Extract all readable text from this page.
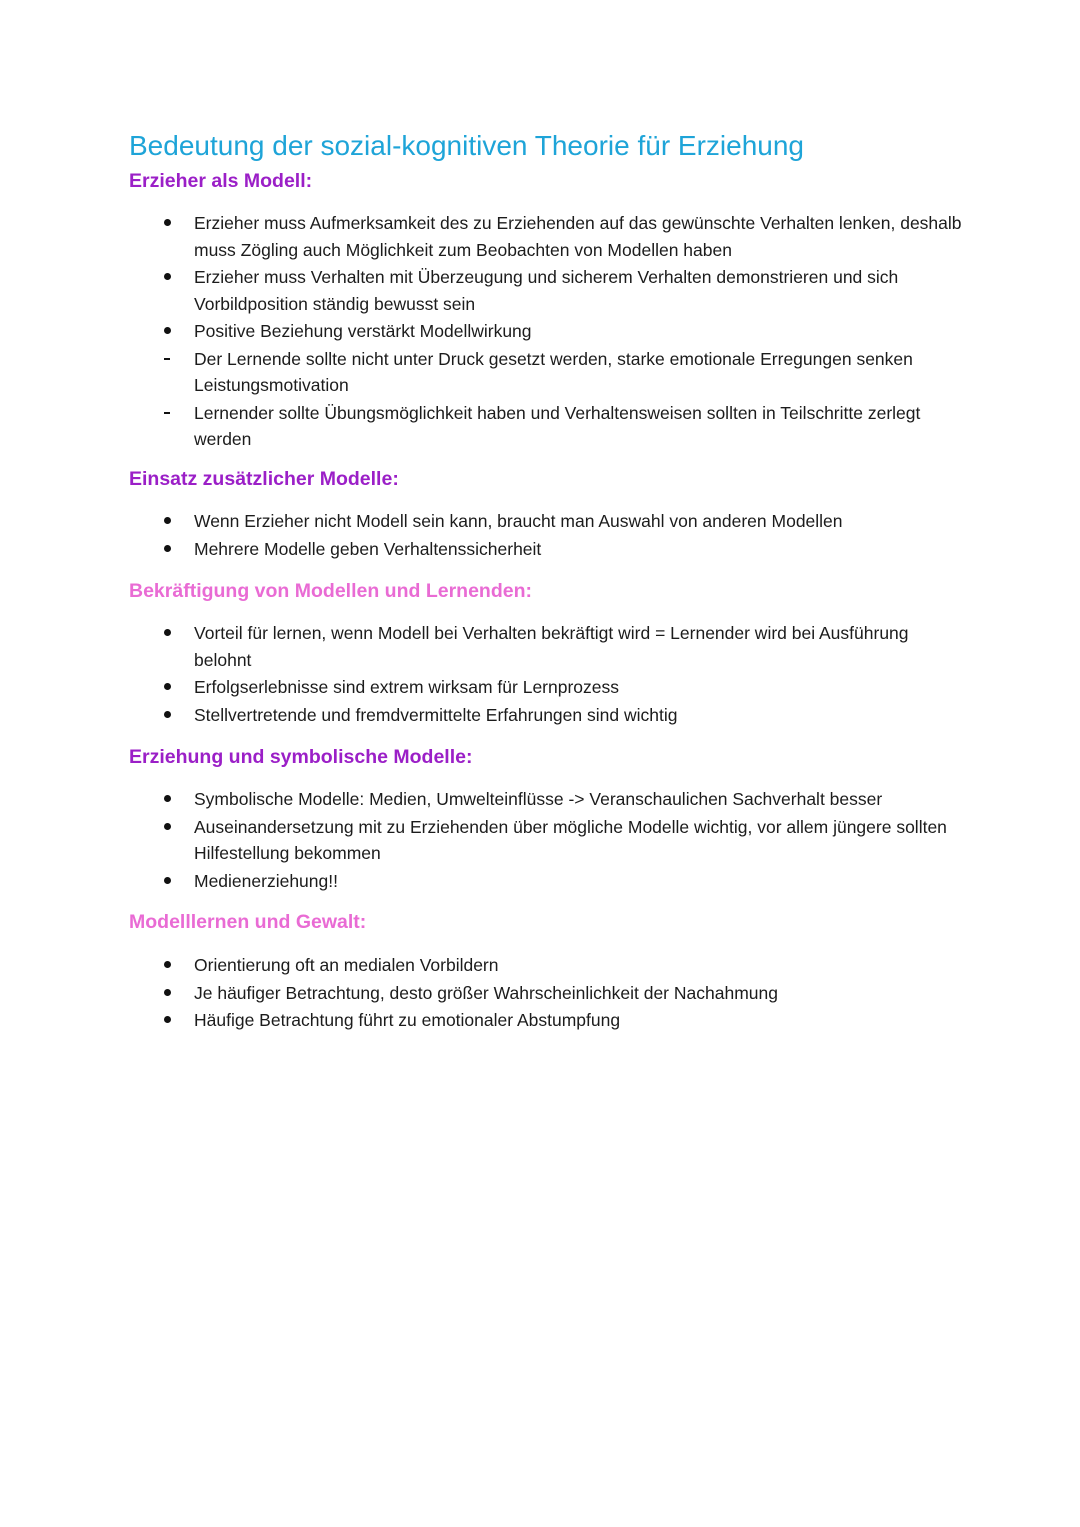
Bedeutung der sozial-kognitiven Theorie für Erziehung
Erzieher als Modell:
Erzieher muss Aufmerksamkeit des zu Erziehenden auf das gewünschte Verhalten lenken, deshalb muss Zögling auch Möglichkeit zum Beobachten von Modellen haben
Erzieher muss Verhalten mit Überzeugung und sicherem Verhalten demonstrieren und sich Vorbildposition ständig bewusst sein
Positive Beziehung verstärkt Modellwirkung
Der Lernende sollte nicht unter Druck gesetzt werden, starke emotionale Erregungen senken Leistungsmotivation
Lernender sollte Übungsmöglichkeit haben und Verhaltensweisen sollten in Teilschritte zerlegt werden
Einsatz zusätzlicher Modelle:
Wenn Erzieher nicht Modell sein kann, braucht man Auswahl von anderen Modellen
Mehrere Modelle geben Verhaltenssicherheit
Bekräftigung von Modellen und Lernenden:
Vorteil für lernen, wenn Modell bei Verhalten bekräftigt wird = Lernender wird bei Ausführung belohnt
Erfolgserlebnisse sind extrem wirksam für Lernprozess
Stellvertretende und fremdvermittelte Erfahrungen sind wichtig
Erziehung und symbolische Modelle:
Symbolische Modelle: Medien, Umwelteinflüsse -> Veranschaulichen Sachverhalt besser
Auseinandersetzung mit zu Erziehenden über mögliche Modelle wichtig, vor allem jüngere sollten Hilfestellung bekommen
Medienerziehung!!
Modelllernen und Gewalt:
Orientierung oft an medialen Vorbildern
Je häufiger Betrachtung, desto größer Wahrscheinlichkeit der Nachahmung
Häufige Betrachtung führt zu emotionaler Abstumpfung
